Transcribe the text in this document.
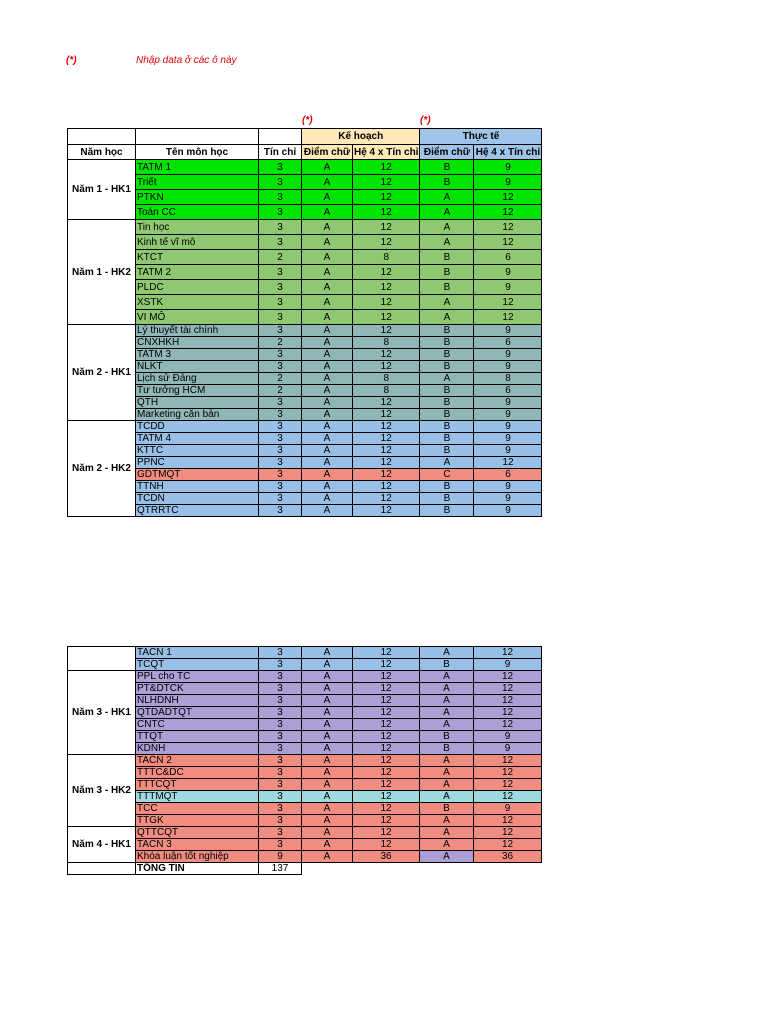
(*)	Nhập data ở các ô này
(*)	(*)
			Kế hoạch		Thực tế	
Năm học	Tên môn học	Tín chỉ	Điểm chữ	Hệ 4 x Tín chỉ	Điểm chữ	Hệ 4 x Tín chỉ
Năm 1 - HK1	TATM 1	3	A	12	B	9
	Triết	3	A	12	B	9
	PTKN	3	A	12	A	12
	Toán CC	3	A	12	A	12
Năm 1 - HK2	Tin học	3	A	12	A	12
	Kinh tế vĩ mô	3	A	12	A	12
	KTCT	2	A	8	B	6
	TATM 2	3	A	12	B	9
	PLDC	3	A	12	B	9
	XSTK	3	A	12	A	12
	VI MÔ	3	A	12	A	12
Năm 2 - HK1	Lý thuyết tài chính	3	A	12	B	9
	CNXHKH	2	A	8	B	6
	TATM 3	3	A	12	B	9
	NLKT	3	A	12	B	9
	Lịch sử Đảng	2	A	8	A	8
	Tư tưởng HCM	2	A	8	B	6
	QTH	3	A	12	B	9
	Marketing căn bản	3	A	12	B	9
Năm 2 - HK2	TCDD	3	A	12	B	9
	TATM 4	3	A	12	B	9
	KTTC	3	A	12	B	9
	PPNC	3	A	12	A	12
	GDTMQT	3	A	12	C	6
	TTNH	3	A	12	B	9
	TCDN	3	A	12	B	9
	QTRRTC	3	A	12	B	9
	TACN 1	3	A	12	A	12
	TCQT	3	A	12	B	9
Năm 3 - HK1	PPL cho TC	3	A	12	A	12
	PT&DTCK	3	A	12	A	12
	NLHDNH	3	A	12	A	12
	QTDADTQT	3	A	12	A	12
	CNTC	3	A	12	A	12
	TTQT	3	A	12	B	9
	KDNH	3	A	12	B	9
Năm 3 - HK2	TACN 2	3	A	12	A	12
	TTTC&DC	3	A	12	A	12
	TTTCQT	3	A	12	A	12
	TTTMQT	3	A	12	A	12
	TCC	3	A	12	B	9
	TTGK	3	A	12	A	12
Năm 4 - HK1	QTTCQT	3	A	12	A	12
	TACN 3	3	A	12	A	12
	Khóa luận tốt nghiệp	9	A	36	A	36
	TỔNG TÍN	137				
